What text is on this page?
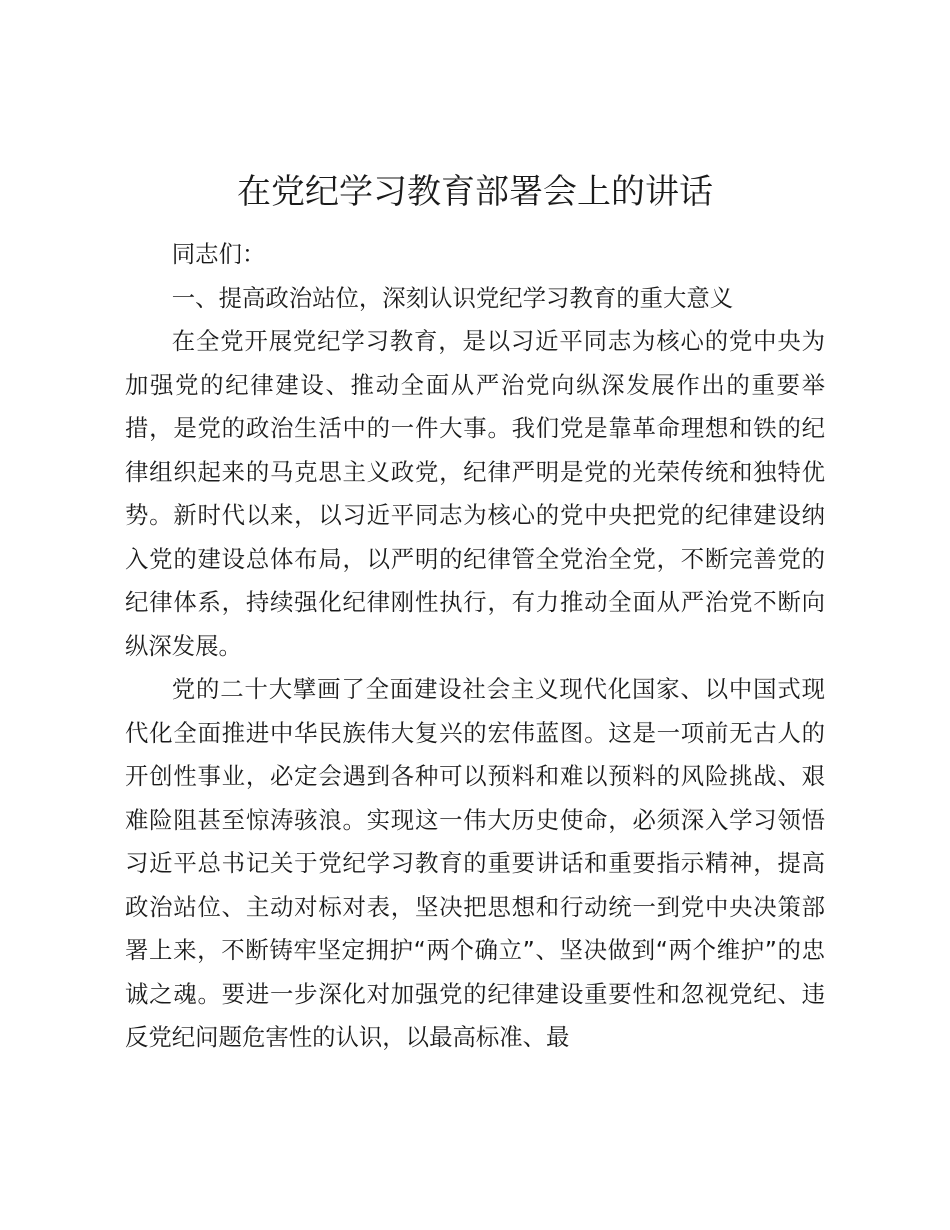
在党纪学习教育部署会上的讲话

同志们：

一、提高政治站位，深刻认识党纪学习教育的重大意义

在全党开展党纪学习教育，是以习近平同志为核心的党中央为加强党的纪律建设、推动全面从严治党向纵深发展作出的重要举措，是党的政治生活中的一件大事。我们党是靠革命理想和铁的纪律组织起来的马克思主义政党，纪律严明是党的光荣传统和独特优势。新时代以来，以习近平同志为核心的党中央把党的纪律建设纳入党的建设总体布局，以严明的纪律管全党治全党，不断完善党的纪律体系，持续强化纪律刚性执行，有力推动全面从严治党不断向纵深发展。

党的二十大擘画了全面建设社会主义现代化国家、以中国式现代化全面推进中华民族伟大复兴的宏伟蓝图。这是一项前无古人的开创性事业，必定会遇到各种可以预料和难以预料的风险挑战、艰难险阻甚至惊涛骇浪。实现这一伟大历史使命，必须深入学习领悟习近平总书记关于党纪学习教育的重要讲话和重要指示精神，提高政治站位、主动对标对表，坚决把思想和行动统一到党中央决策部署上来，不断铸牢坚定拥护“两个确立”、坚决做到“两个维护”的忠诚之魂。要进一步深化对加强党的纪律建设重要性和忽视党纪、违反党纪问题危害性的认识，以最高标准、最
